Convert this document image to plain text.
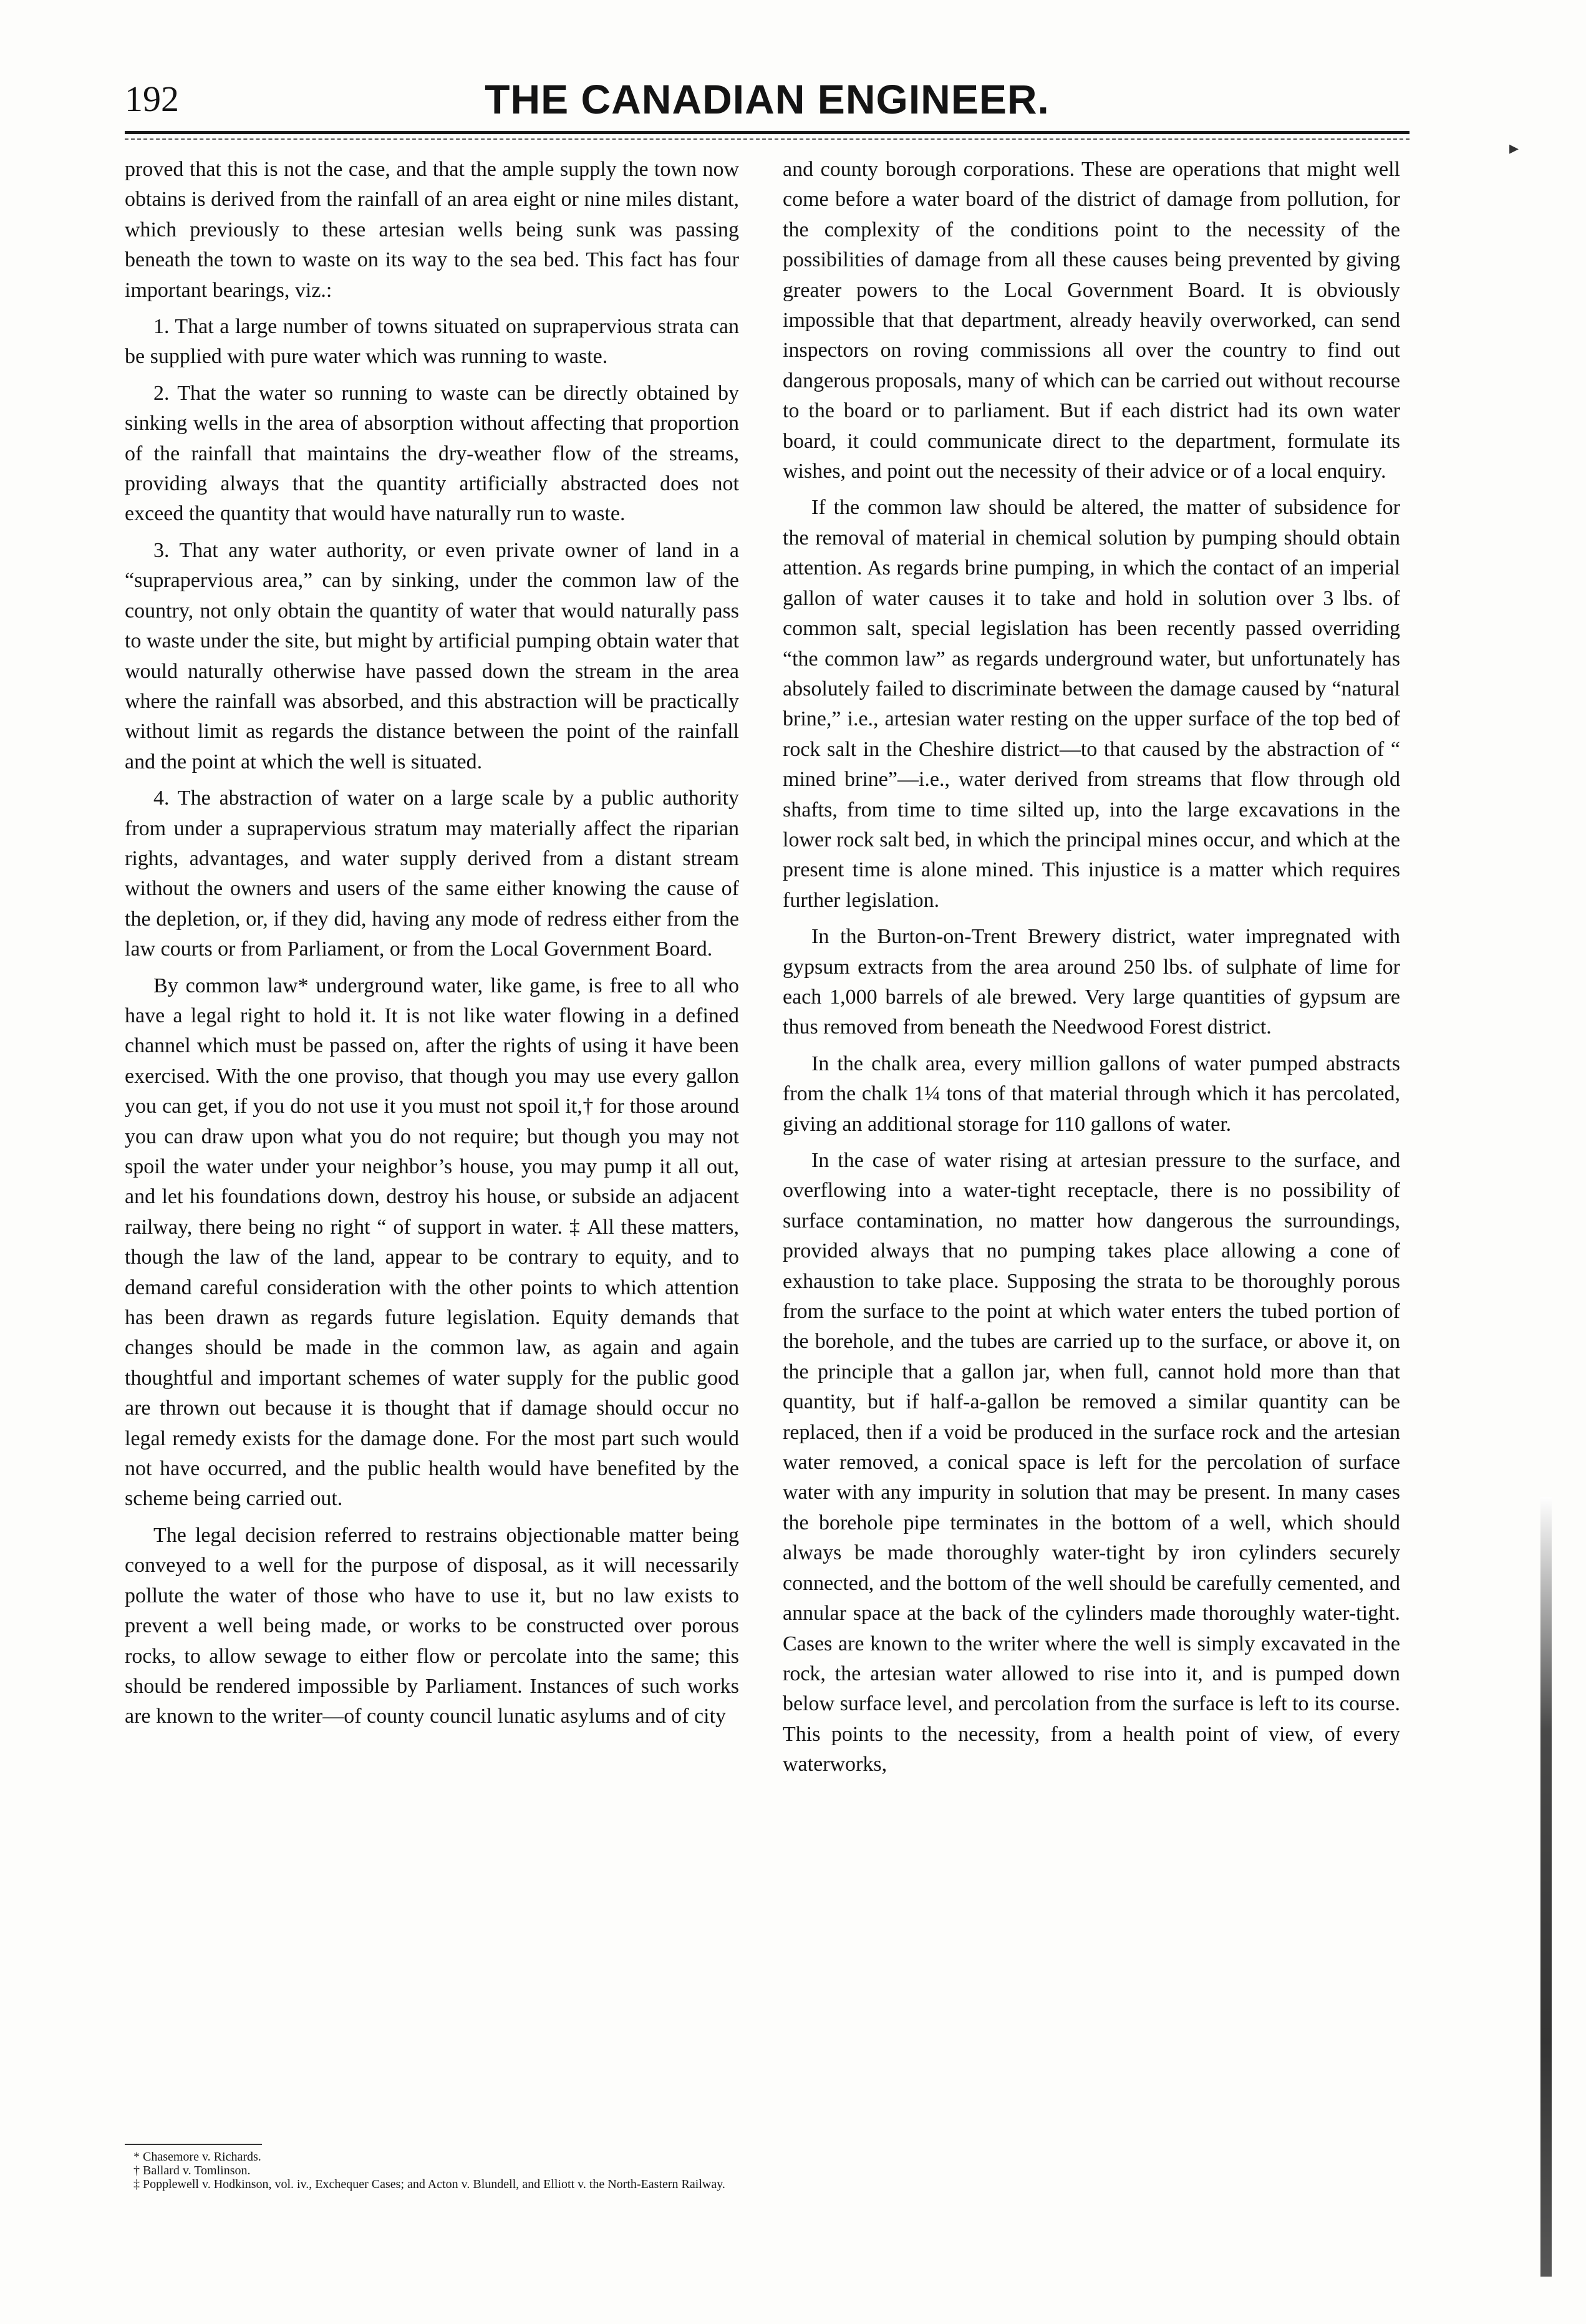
192	THE CANADIAN ENGINEER.

proved that this is not the case, and that the ample supply the town now obtains is derived from the rainfall of an area eight or nine miles distant, which previously to these artesian wells being sunk was passing beneath the town to waste on its way to the sea bed. This fact has four important bearings, viz.:

1. That a large number of towns situated on suprapervious strata can be supplied with pure water which was running to waste.

2. That the water so running to waste can be directly obtained by sinking wells in the area of absorption without affecting that proportion of the rainfall that maintains the dry-weather flow of the streams, providing always that the quantity artificially abstracted does not exceed the quantity that would have naturally run to waste.

3. That any water authority, or even private owner of land in a “suprapervious area,” can by sinking, under the common law of the country, not only obtain the quantity of water that would naturally pass to waste under the site, but might by artificial pumping obtain water that would naturally otherwise have passed down the stream in the area where the rainfall was absorbed, and this abstraction will be practically without limit as regards the distance between the point of the rainfall and the point at which the well is situated.

4. The abstraction of water on a large scale by a public authority from under a suprapervious stratum may materially affect the riparian rights, advantages, and water supply derived from a distant stream without the owners and users of the same either knowing the cause of the depletion, or, if they did, having any mode of redress either from the law courts or from Parliament, or from the Local Government Board.

By common law* underground water, like game, is free to all who have a legal right to hold it. It is not like water flowing in a defined channel which must be passed on, after the rights of using it have been exercised. With the one proviso, that though you may use every gallon you can get, if you do not use it you must not spoil it,† for those around you can draw upon what you do not require; but though you may not spoil the water under your neighbor’s house, you may pump it all out, and let his foundations down, destroy his house, or subside an adjacent railway, there being no right “ of support in water. ‡ All these matters, though the law of the land, appear to be contrary to equity, and to demand careful consideration with the other points to which attention has been drawn as regards future legislation. Equity demands that changes should be made in the common law, as again and again thoughtful and important schemes of water supply for the public good are thrown out because it is thought that if damage should occur no legal remedy exists for the damage done. For the most part such would not have occurred, and the public health would have benefited by the scheme being carried out.

The legal decision referred to restrains objectionable matter being conveyed to a well for the purpose of disposal, as it will necessarily pollute the water of those who have to use it, but no law exists to prevent a well being made, or works to be constructed over porous rocks, to allow sewage to either flow or percolate into the same; this should be rendered impossible by Parliament. Instances of such works are known to the writer—of county council lunatic asylums and of city

* Chasemore v. Richards.
† Ballard v. Tomlinson.
‡ Popplewell v. Hodkinson, vol. iv., Exchequer Cases; and Acton v. Blundell, and Elliott v. the North-Eastern Railway.

and county borough corporations. These are operations that might well come before a water board of the district of damage from pollution, for the complexity of the conditions point to the necessity of the possibilities of damage from all these causes being prevented by giving greater powers to the Local Government Board. It is obviously impossible that that department, already heavily overworked, can send inspectors on roving commissions all over the country to find out dangerous proposals, many of which can be carried out without recourse to the board or to parliament. But if each district had its own water board, it could communicate direct to the department, formulate its wishes, and point out the necessity of their advice or of a local enquiry.

If the common law should be altered, the matter of subsidence for the removal of material in chemical solution by pumping should obtain attention. As regards brine pumping, in which the contact of an imperial gallon of water causes it to take and hold in solution over 3 lbs. of common salt, special legislation has been recently passed overriding “the common law” as regards underground water, but unfortunately has absolutely failed to discriminate between the damage caused by “natural brine,” i.e., artesian water resting on the upper surface of the top bed of rock salt in the Cheshire district—to that caused by the abstraction of “ mined brine”—i.e., water derived from streams that flow through old shafts, from time to time silted up, into the large excavations in the lower rock salt bed, in which the principal mines occur, and which at the present time is alone mined. This injustice is a matter which requires further legislation.

In the Burton-on-Trent Brewery district, water impregnated with gypsum extracts from the area around 250 lbs. of sulphate of lime for each 1,000 barrels of ale brewed. Very large quantities of gypsum are thus removed from beneath the Needwood Forest district.

In the chalk area, every million gallons of water pumped abstracts from the chalk 1¼ tons of that material through which it has percolated, giving an additional storage for 110 gallons of water.

In the case of water rising at artesian pressure to the surface, and overflowing into a water-tight receptacle, there is no possibility of surface contamination, no matter how dangerous the surroundings, provided always that no pumping takes place allowing a cone of exhaustion to take place. Supposing the strata to be thoroughly porous from the surface to the point at which water enters the tubed portion of the borehole, and the tubes are carried up to the surface, or above it, on the principle that a gallon jar, when full, cannot hold more than that quantity, but if half-a-gallon be removed a similar quantity can be replaced, then if a void be produced in the surface rock and the artesian water removed, a conical space is left for the percolation of surface water with any impurity in solution that may be present. In many cases the borehole pipe terminates in the bottom of a well, which should always be made thoroughly water-tight by iron cylinders securely connected, and the bottom of the well should be carefully cemented, and annular space at the back of the cylinders made thoroughly water-tight. Cases are known to the writer where the well is simply excavated in the rock, the artesian water allowed to rise into it, and is pumped down below surface level, and percolation from the surface is left to its course. This points to the necessity, from a health point of view, of every waterworks,

▸
